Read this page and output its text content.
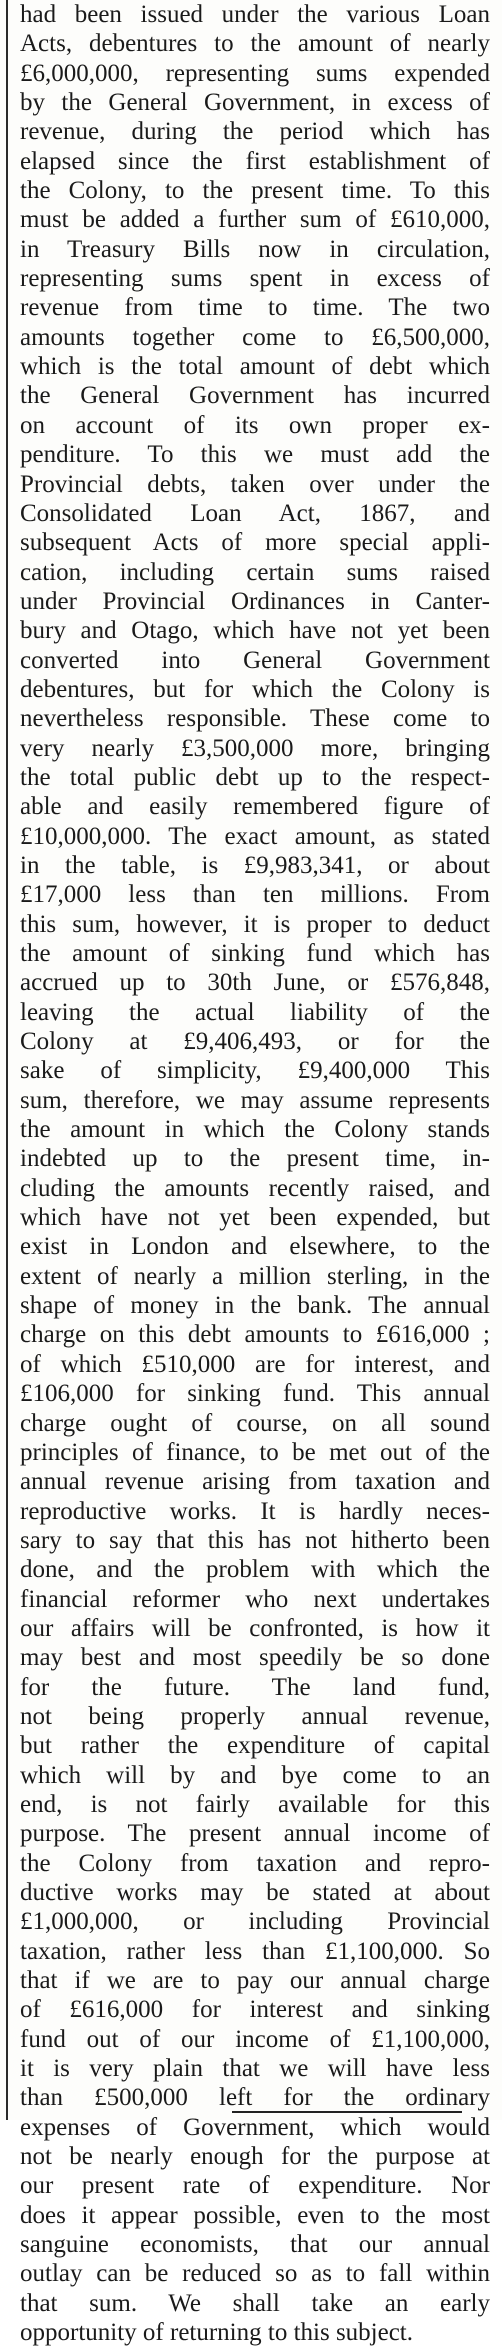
had been issued under the various Loan
Acts, debentures to the amount of nearly
£6,000,000, representing sums expended
by the General Government, in excess of
revenue, during the period which has
elapsed since the first establishment of
the Colony, to the present time. To this
must be added a further sum of £610,000,
in Treasury Bills now in circulation,
representing sums spent in excess of
revenue from time to time. The two
amounts together come to £6,500,000,
which is the total amount of debt which
the General Government has incurred
on account of its own proper ex-
penditure. To this we must add the
Provincial debts, taken over under the
Consolidated Loan Act, 1867, and
subsequent Acts of more special appli-
cation, including certain sums raised
under Provincial Ordinances in Canter-
bury and Otago, which have not yet been
converted into General Government
debentures, but for which the Colony is
nevertheless responsible. These come to
very nearly £3,500,000 more, bringing
the total public debt up to the respect-
able and easily remembered figure of
£10,000,000. The exact amount, as stated
in the table, is £9,983,341, or about
£17,000 less than ten millions. From
this sum, however, it is proper to deduct
the amount of sinking fund which has
accrued up to 30th June, or £576,848,
leaving the actual liability of the
Colony at £9,406,493, or for the
sake of simplicity, £9,400,000 This
sum, therefore, we may assume represents
the amount in which the Colony stands
indebted up to the present time, in-
cluding the amounts recently raised, and
which have not yet been expended, but
exist in London and elsewhere, to the
extent of nearly a million sterling, in the
shape of money in the bank. The annual
charge on this debt amounts to £616,000 ;
of which £510,000 are for interest, and
£106,000 for sinking fund. This annual
charge ought of course, on all sound
principles of finance, to be met out of the
annual revenue arising from taxation and
reproductive works. It is hardly neces-
sary to say that this has not hitherto been
done, and the problem with which the
financial reformer who next undertakes
our affairs will be confronted, is how it
may best and most speedily be so done
for the future. The land fund,
not being properly annual revenue,
but rather the expenditure of capital
which will by and bye come to an
end, is not fairly available for this
purpose. The present annual income of
the Colony from taxation and repro-
ductive works may be stated at about
£1,000,000, or including Provincial
taxation, rather less than £1,100,000. So
that if we are to pay our annual charge
of £616,000 for interest and sinking
fund out of our income of £1,100,000,
it is very plain that we will have less
than £500,000 left for the ordinary
expenses of Government, which would
not be nearly enough for the purpose at
our present rate of expenditure. Nor
does it appear possible, even to the most
sanguine economists, that our annual
outlay can be reduced so as to fall within
that sum. We shall take an early
opportunity of returning to this subject.
